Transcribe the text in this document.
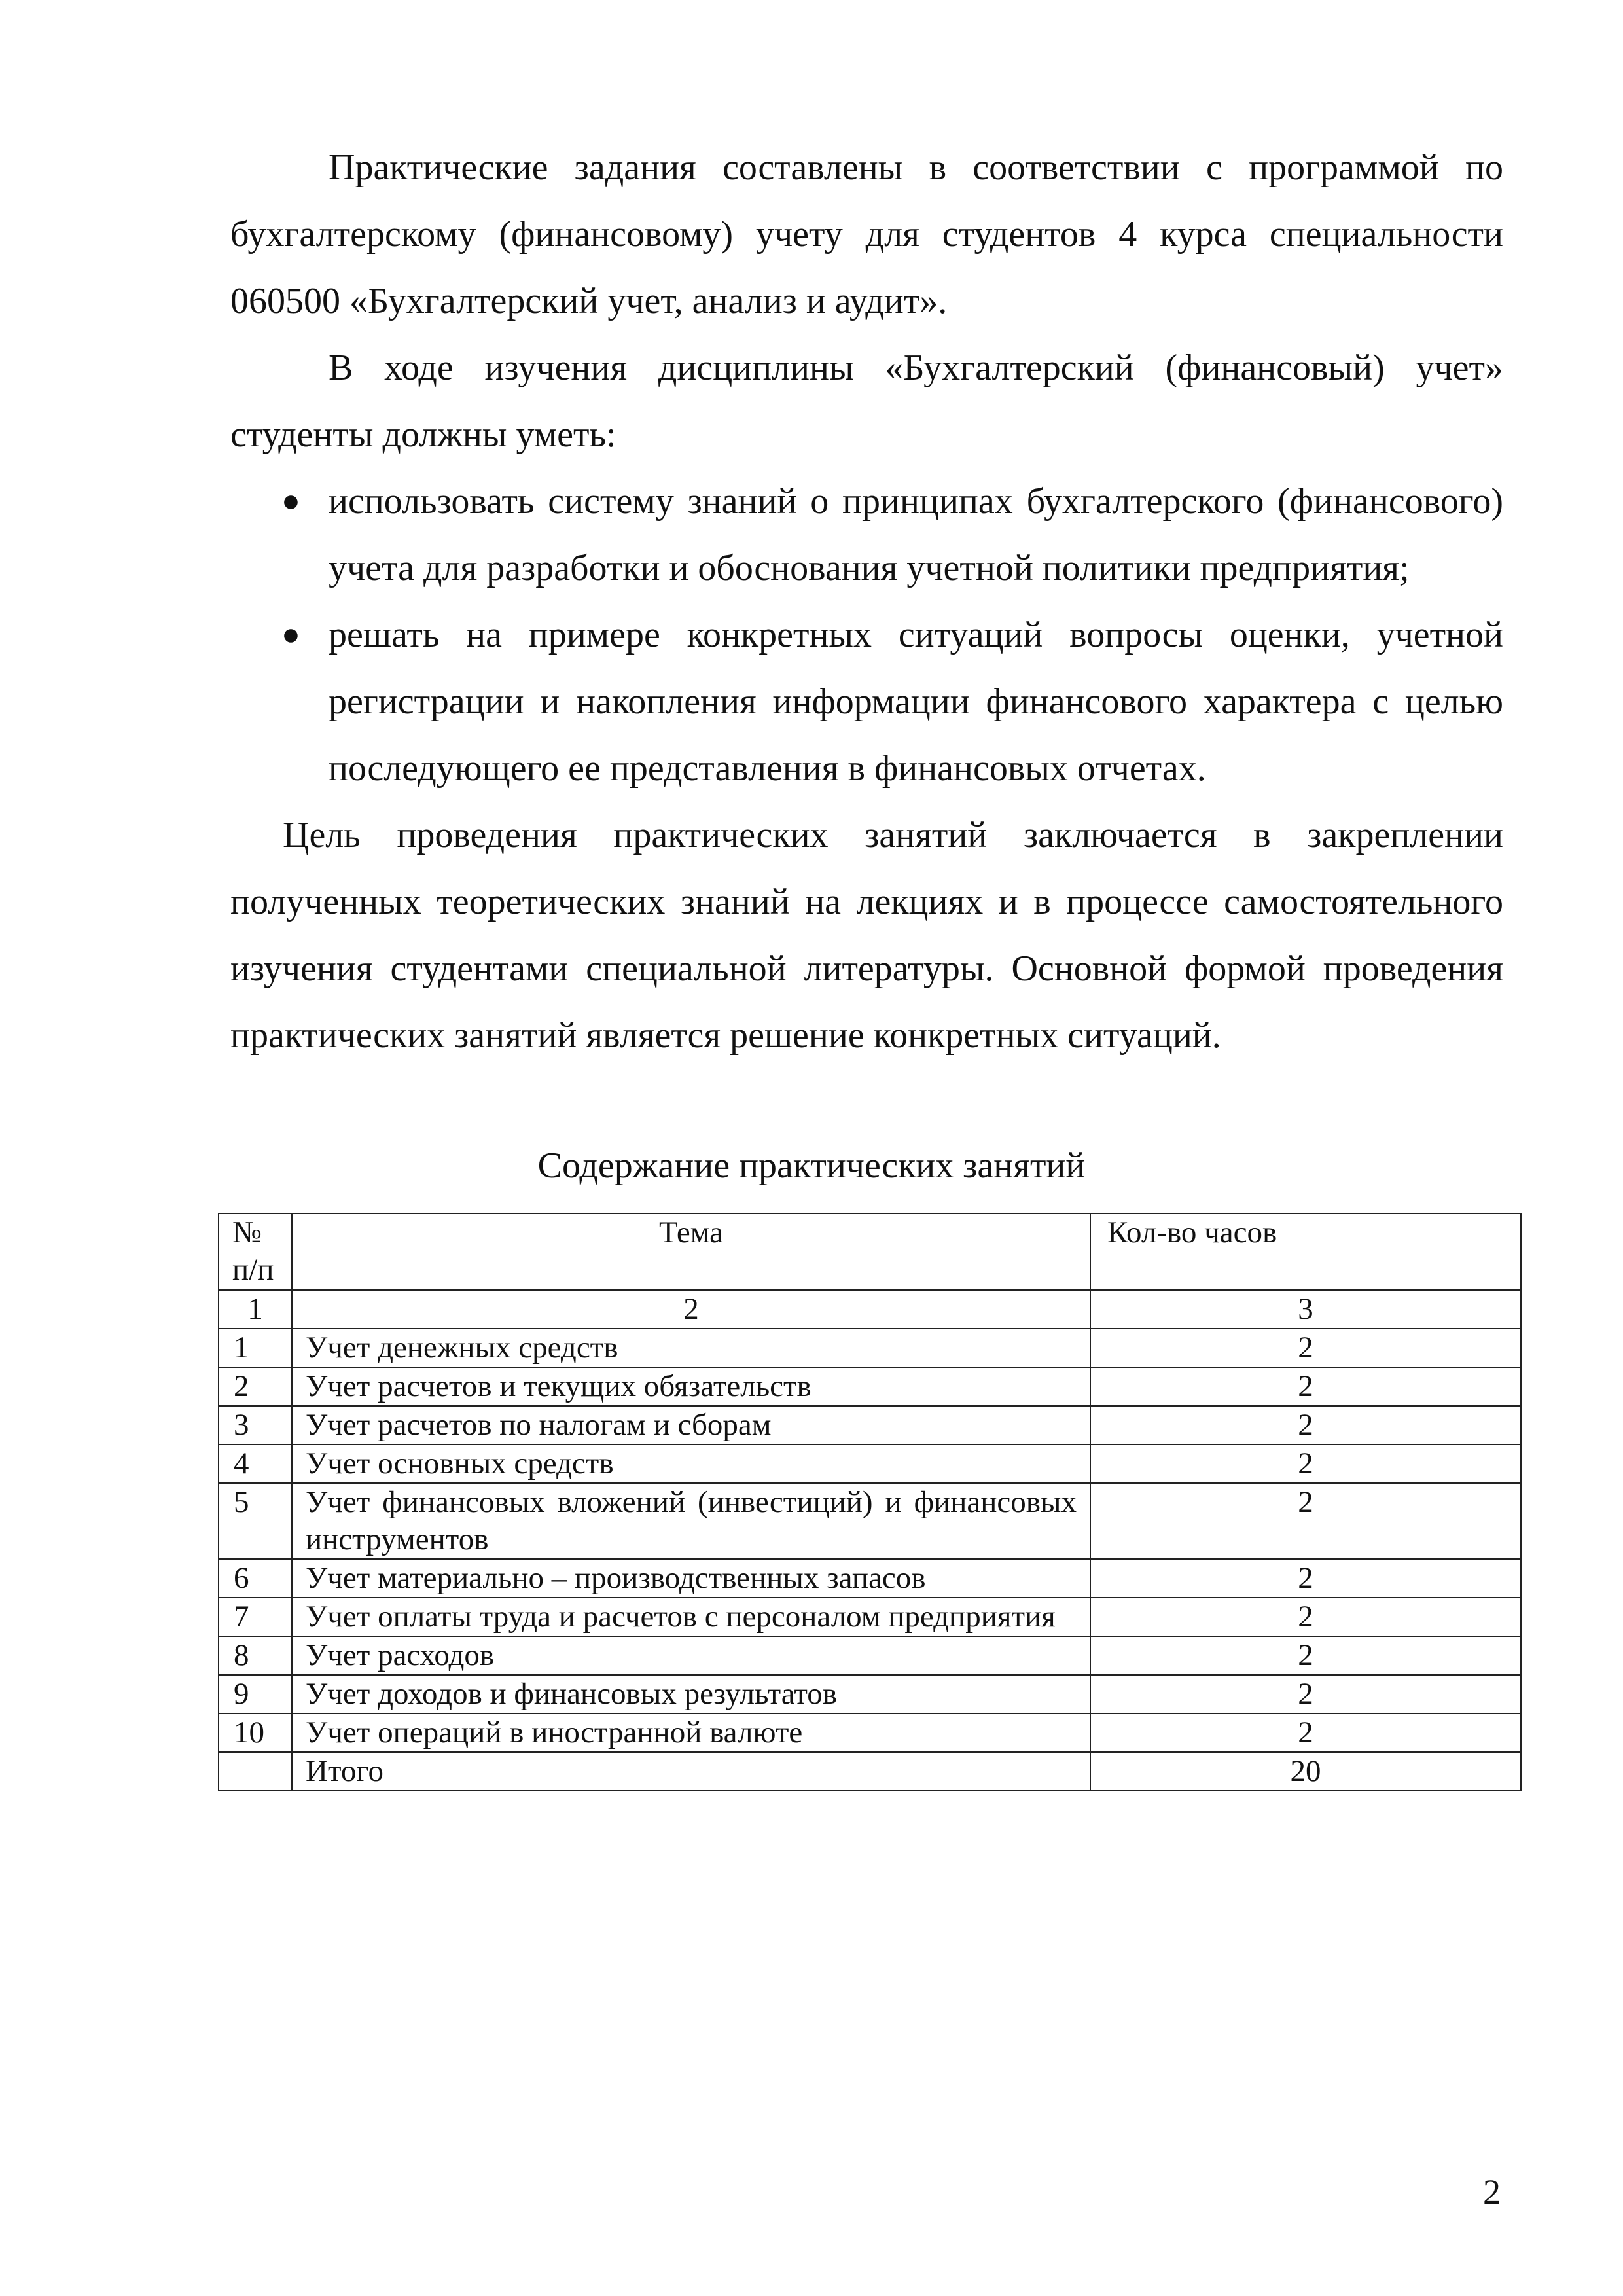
Практические задания составлены в соответствии с программой по бухгалтерскому (финансовому) учету для студентов 4 курса специальности 060500 «Бухгалтерский учет, анализ и аудит».

В ходе изучения дисциплины «Бухгалтерский (финансовый) учет» студенты должны уметь:

● использовать систему знаний о принципах бухгалтерского (финансового) учета для разработки и обоснования учетной политики предприятия;
● решать на примере конкретных ситуаций вопросы оценки, учетной регистрации и накопления информации финансового характера с целью последующего ее представления в финансовых отчетах.

Цель проведения практических занятий заключается в закреплении полученных теоретических знаний на лекциях и в процессе самостоятельного изучения студентами специальной литературы. Основной формой проведения практических занятий является решение конкретных ситуаций.

Содержание практических занятий
№ п/п	Тема	Кол-во часов
1	2	3
1	Учет денежных средств	2
2	Учет расчетов и текущих обязательств	2
3	Учет расчетов по налогам и сборам	2
4	Учет основных средств	2
5	Учет финансовых вложений (инвестиций) и финансовых инструментов	2
6	Учет материально – производственных запасов	2
7	Учет оплаты труда и расчетов с персоналом предприятия	2
8	Учет расходов	2
9	Учет доходов и финансовых результатов	2
10	Учет операций в иностранной валюте	2
	Итого	20
2
